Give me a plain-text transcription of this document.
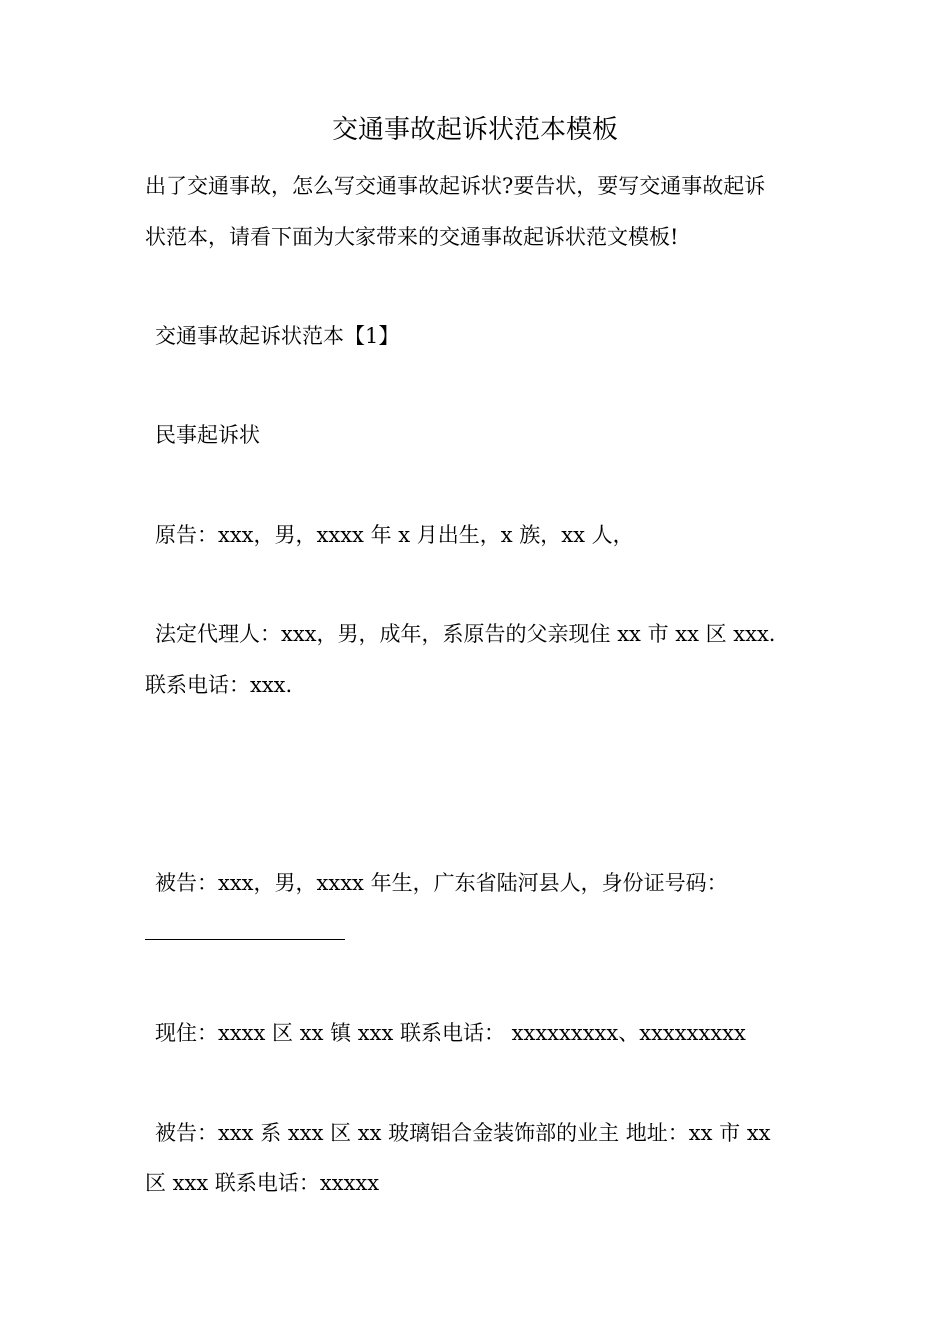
交通事故起诉状范本模板
出了交通事故，怎么写交通事故起诉状?要告状，要写交通事故起诉
状范本，请看下面为大家带来的交通事故起诉状范文模板!
交通事故起诉状范本【1】
民事起诉状
原告：xxx，男，xxxx 年 x 月出生，x 族，xx 人，
法定代理人：xxx，男，成年，系原告的父亲现住 xx 市 xx 区 xxx.
联系电话：xxx.
被告：xxx，男，xxxx 年生，广东省陆河县人，身份证号码：
现住：xxxx 区 xx 镇 xxx 联系电话： xxxxxxxxx、xxxxxxxxx
被告：xxx 系 xxx 区 xx 玻璃铝合金装饰部的业主 地址：xx 市 xx
区 xxx 联系电话：xxxxx
